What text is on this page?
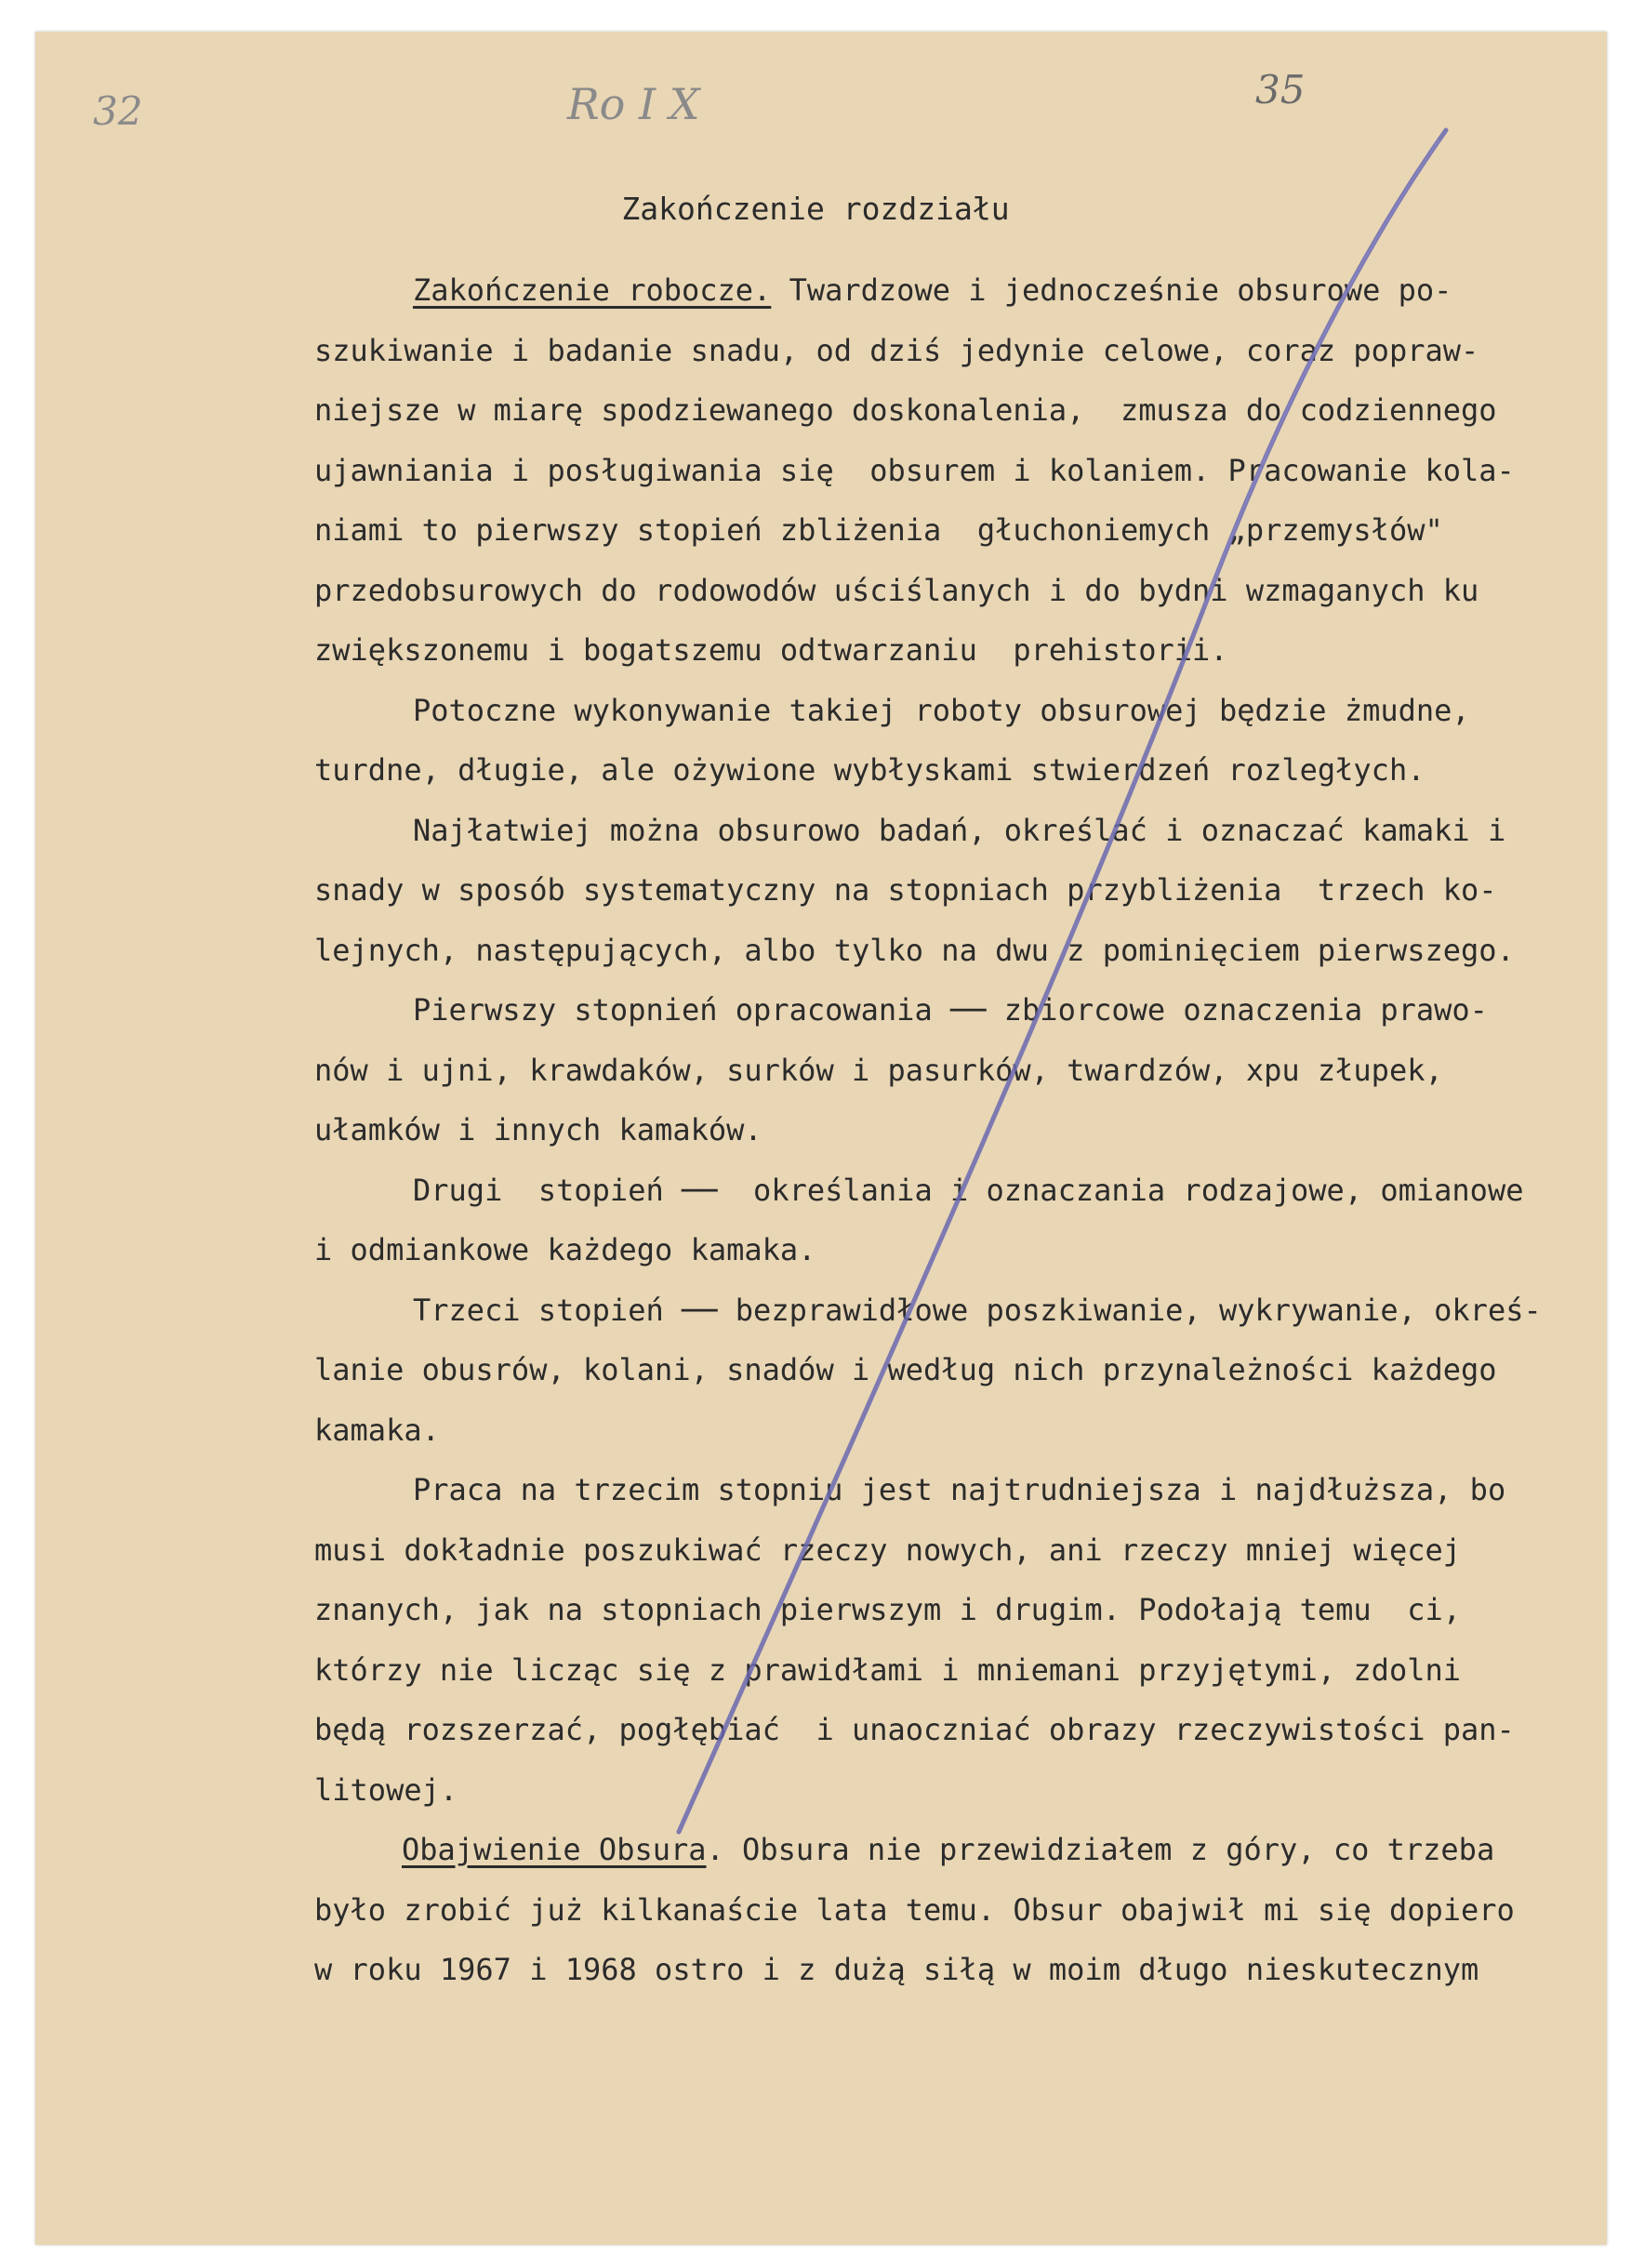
32	Ro I X	35
Zakończenie rozdziału
Zakończenie robocze. Twardzowe i jednocześnie obsurowe po-
szukiwanie i badanie snadu, od dziś jedynie celowe, coraz popraw-
niejsze w miarę spodziewanego doskonalenia,  zmusza do codziennego
ujawniania i posługiwania się  obsurem i kolaniem. Pracowanie kola-
niami to pierwszy stopień zbliżenia  głuchoniemych „przemysłów"
przedobsurowych do rodowodów uściślanych i do bydni wzmaganych ku
zwiększonemu i bogatszemu odtwarzaniu  prehistorii.
Potoczne wykonywanie takiej roboty obsurowej będzie żmudne,
turdne, długie, ale ożywione wybłyskami stwierdzeń rozległych.
Najłatwiej można obsurowo badań, określać i oznaczać kamaki i
snady w sposób systematyczny na stopniach przybliżenia  trzech ko-
lejnych, następujących, albo tylko na dwu z pominięciem pierwszego.
Pierwszy stopnień opracowania ── zbiorcowe oznaczenia prawo-
nów i ujni, krawdaków, surków i pasurków, twardzów, xpu złupek,
ułamków i innych kamaków.
Drugi  stopień ──  określania i oznaczania rodzajowe, omianowe
i odmiankowe każdego kamaka.
Trzeci stopień ── bezprawidłowe poszkiwanie, wykrywanie, okreś-
lanie obusrów, kolani, snadów i według nich przynależności każdego
kamaka.
Praca na trzecim stopniu jest najtrudniejsza i najdłuższa, bo
musi dokładnie poszukiwać rzeczy nowych, ani rzeczy mniej więcej
znanych, jak na stopniach pierwszym i drugim. Podołają temu  ci,
którzy nie licząc się z prawidłami i mniemani przyjętymi, zdolni
będą rozszerzać, pogłębiać  i unaoczniać obrazy rzeczywistości pan-
litowej.
Obajwienie Obsura. Obsura nie przewidziałem z góry, co trzeba
było zrobić już kilkanaście lata temu. Obsur obajwił mi się dopiero
w roku 1967 i 1968 ostro i z dużą siłą w moim długo nieskutecznym
